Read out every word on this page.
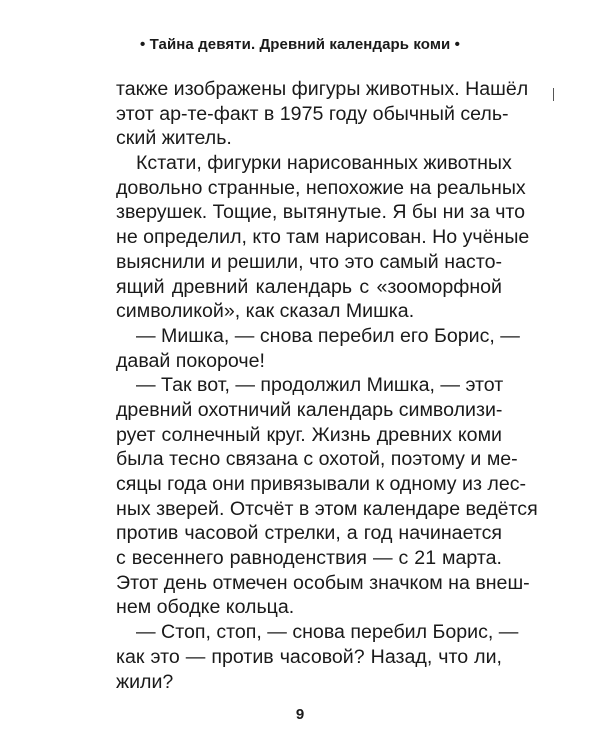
• Тайна девяти. Древний календарь коми •
также изображены фигуры животных. Нашёл
этот ар-те-факт в 1975 году обычный сель-
ский житель.
Кстати, фигурки нарисованных животных
довольно странные, непохожие на реальных
зверушек. Тощие, вытянутые. Я бы ни за что
не определил, кто там нарисован. Но учёные
выяснили и решили, что это самый насто-
ящий древний календарь с «зооморфной
символикой», как сказал Мишка.
— Мишка, — снова перебил его Борис, —
давай покороче!
— Так вот, — продолжил Мишка, — этот
древний охотничий календарь символизи-
рует солнечный круг. Жизнь древних коми
была тесно связана с охотой, поэтому и ме-
сяцы года они привязывали к одному из лес-
ных зверей. Отсчёт в этом календаре ведётся
против часовой стрелки, а год начинается
с весеннего равноденствия — с 21 марта.
Этот день отмечен особым значком на внеш-
нем ободке кольца.
— Стоп, стоп, — снова перебил Борис, —
как это — против часовой? Назад, что ли,
жили?
9
